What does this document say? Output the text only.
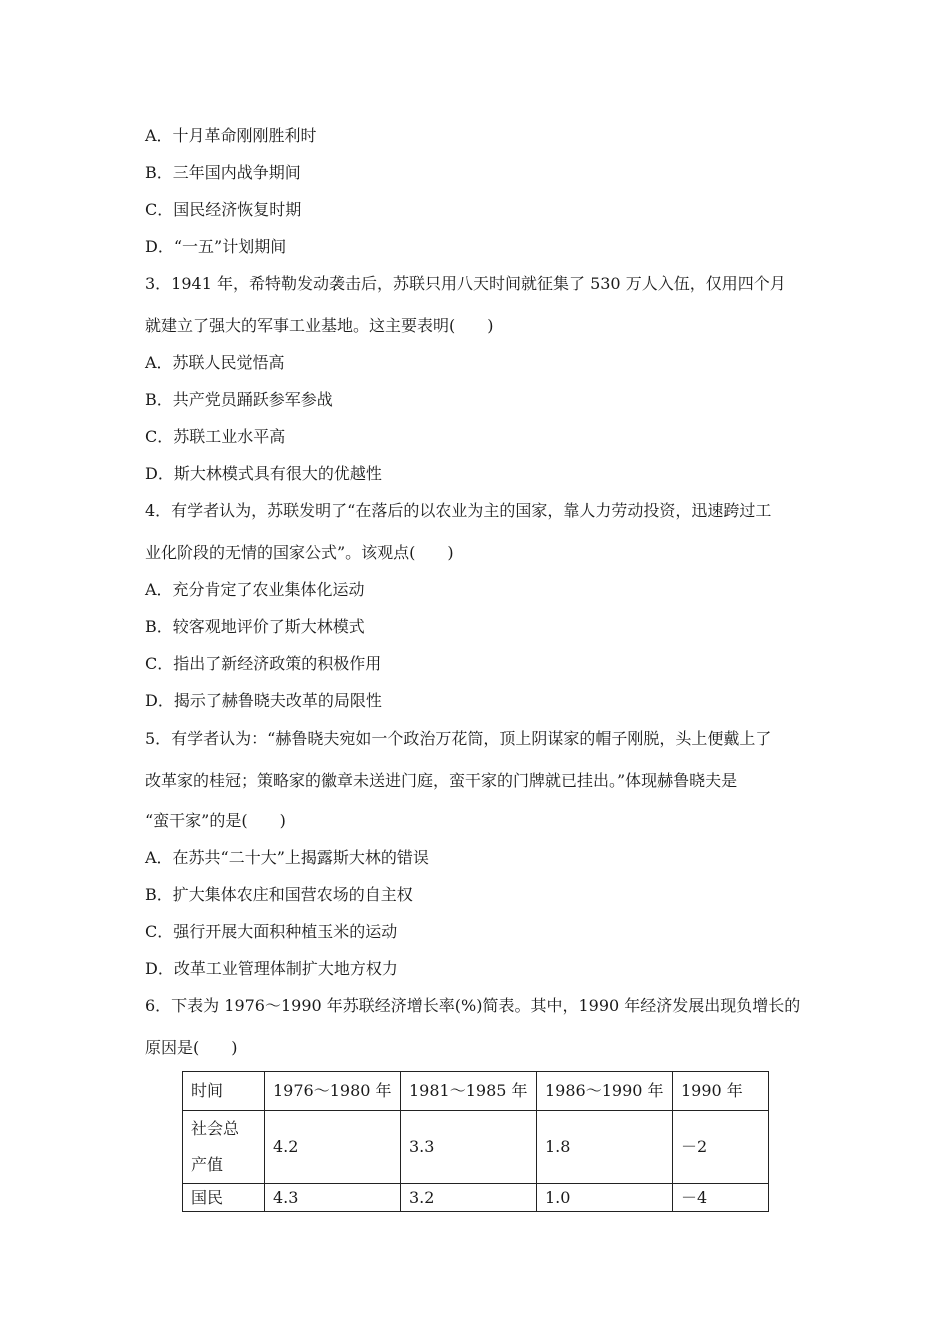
A．十月革命刚刚胜利时
B．三年国内战争期间
C．国民经济恢复时期
D．“一五”计划期间
3．1941 年，希特勒发动袭击后，苏联只用八天时间就征集了 530 万人入伍，仅用四个月
就建立了强大的军事工业基地。这主要表明(　　)
A．苏联人民觉悟高
B．共产党员踊跃参军参战
C．苏联工业水平高
D．斯大林模式具有很大的优越性
4．有学者认为，苏联发明了“在落后的以农业为主的国家，靠人力劳动投资，迅速跨过工
业化阶段的无情的国家公式”。该观点(　　)
A．充分肯定了农业集体化运动
B．较客观地评价了斯大林模式
C．指出了新经济政策的积极作用
D．揭示了赫鲁晓夫改革的局限性
5．有学者认为：“赫鲁晓夫宛如一个政治万花筒，顶上阴谋家的帽子刚脱，头上便戴上了
改革家的桂冠；策略家的徽章未送进门庭，蛮干家的门牌就已挂出。”体现赫鲁晓夫是
“蛮干家”的是(　　)
A．在苏共“二十大”上揭露斯大林的错误
B．扩大集体农庄和国营农场的自主权
C．强行开展大面积种植玉米的运动
D．改革工业管理体制扩大地方权力
6．下表为 1976～1990 年苏联经济增长率(%)简表。其中，1990 年经济发展出现负增长的
原因是(　　)
时间	1976～1980 年	1981～1985 年	1986～1990 年	1990 年

社会总产值	4.2	3.3	1.8	－2
国民	4.3	3.2	1.0	－4
